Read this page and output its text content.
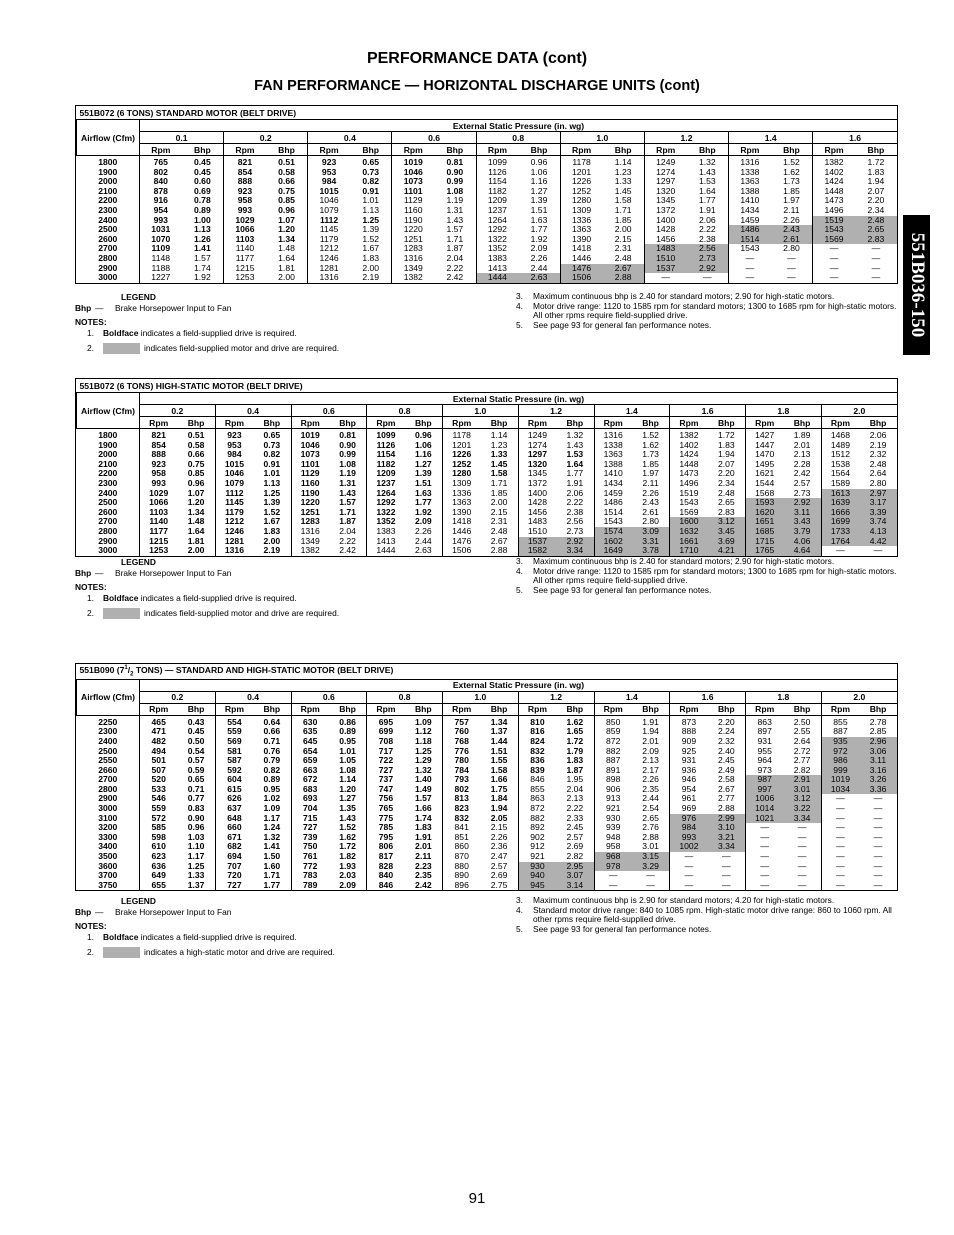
PERFORMANCE DATA (cont)
FAN PERFORMANCE — HORIZONTAL DISCHARGE UNITS (cont)
551B036-150
551B072 (6 TONS) STANDARD MOTOR (BELT DRIVE)																		
Airflow (Cfm)	External Static Pressure (in. wg)																	
	0.1		0.2		0.4		0.6		0.8		1.0		1.2		1.4		1.6	
	Rpm	Bhp	Rpm	Bhp	Rpm	Bhp	Rpm	Bhp	Rpm	Bhp	Rpm	Bhp	Rpm	Bhp	Rpm	Bhp	Rpm	Bhp
1800	765	0.45	821	0.51	923	0.65	1019	0.81	1099	0.96	1178	1.14	1249	1.32	1316	1.52	1382	1.72
1900	802	0.45	854	0.58	953	0.73	1046	0.90	1126	1.06	1201	1.23	1274	1.43	1338	1.62	1402	1.83
2000	840	0.60	888	0.66	984	0.82	1073	0.99	1154	1.16	1226	1.33	1297	1.53	1363	1.73	1424	1.94
2100	878	0.69	923	0.75	1015	0.91	1101	1.08	1182	1.27	1252	1.45	1320	1.64	1388	1.85	1448	2.07
2200	916	0.78	958	0.85	1046	1.01	1129	1.19	1209	1.39	1280	1.58	1345	1.77	1410	1.97	1473	2.20
2300	954	0.89	993	0.96	1079	1.13	1160	1.31	1237	1.51	1309	1.71	1372	1.91	1434	2.11	1496	2.34
2400	993	1.00	1029	1.07	1112	1.25	1190	1.43	1264	1.63	1336	1.85	1400	2.06	1459	2.26	1519	2.48
2500	1031	1.13	1066	1.20	1145	1.39	1220	1.57	1292	1.77	1363	2.00	1428	2.22	1486	2.43	1543	2.65
2600	1070	1.26	1103	1.34	1179	1.52	1251	1.71	1322	1.92	1390	2.15	1456	2.38	1514	2.61	1569	2.83
2700	1109	1.41	1140	1.48	1212	1.67	1283	1.87	1352	2.09	1418	2.31	1483	2.56	1543	2.80	—	—
2800	1148	1.57	1177	1.64	1246	1.83	1316	2.04	1383	2.26	1446	2.48	1510	2.73	—	—	—	—
2900	1188	1.74	1215	1.81	1281	2.00	1349	2.22	1413	2.44	1476	2.67	1537	2.92	—	—	—	—
3000	1227	1.92	1253	2.00	1316	2.19	1382	2.42	1444	2.63	1506	2.88	—	—	—	—	—	—
LEGEND
Bhp — Brake Horsepower Input to Fan
NOTES:
1. Boldface indicates a field-supplied drive is required.
2.	indicates field-supplied motor and drive are required.
3.	Maximum continuous bhp is 2.40 for standard motors; 2.90 for high-static motors.
4.	Motor drive range: 1120 to 1585 rpm for standard motors; 1300 to 1685 rpm for high-static motors. All other rpms require field-supplied drive.
5.	See page 93 for general fan performance notes.
551B072 (6 TONS) HIGH-STATIC MOTOR (BELT DRIVE)																				
Airflow (Cfm)	External Static Pressure (in. wg)																			
	0.2		0.4		0.6		0.8		1.0		1.2		1.4		1.6		1.8		2.0	
	Rpm	Bhp	Rpm	Bhp	Rpm	Bhp	Rpm	Bhp	Rpm	Bhp	Rpm	Bhp	Rpm	Bhp	Rpm	Bhp	Rpm	Bhp	Rpm	Bhp
1800	821	0.51	923	0.65	1019	0.81	1099	0.96	1178	1.14	1249	1.32	1316	1.52	1382	1.72	1427	1.89	1468	2.06
1900	854	0.58	953	0.73	1046	0.90	1126	1.06	1201	1.23	1274	1.43	1338	1.62	1402	1.83	1447	2.01	1489	2.19
2000	888	0.66	984	0.82	1073	0.99	1154	1.16	1226	1.33	1297	1.53	1363	1.73	1424	1.94	1470	2.13	1512	2.32
2100	923	0.75	1015	0.91	1101	1.08	1182	1.27	1252	1.45	1320	1.64	1388	1.85	1448	2.07	1495	2.28	1538	2.48
2200	958	0.85	1046	1.01	1129	1.19	1209	1.39	1280	1.58	1345	1.77	1410	1.97	1473	2.20	1621	2.42	1564	2.64
2300	993	0.96	1079	1.13	1160	1.31	1237	1.51	1309	1.71	1372	1.91	1434	2.11	1496	2.34	1544	2.57	1589	2.80
2400	1029	1.07	1112	1.25	1190	1.43	1264	1.63	1336	1.85	1400	2.06	1459	2.26	1519	2.48	1568	2.73	1613	2.97
2500	1066	1.20	1145	1.39	1220	1.57	1292	1.77	1363	2.00	1428	2.22	1486	2.43	1543	2.65	1593	2.92	1639	3.17
2600	1103	1.34	1179	1.52	1251	1.71	1322	1.92	1390	2.15	1456	2.38	1514	2.61	1569	2.83	1620	3.11	1666	3.39
2700	1140	1.48	1212	1.67	1283	1.87	1352	2.09	1418	2.31	1483	2.56	1543	2.80	1600	3.12	1651	3.43	1699	3.74
2800	1177	1.64	1246	1.83	1316	2.04	1383	2.26	1446	2.48	1510	2.73	1574	3.09	1632	3.45	1685	3.79	1733	4.13
2900	1215	1.81	1281	2.00	1349	2.22	1413	2.44	1476	2.67	1537	2.92	1602	3.31	1661	3.69	1715	4.06	1764	4.42
3000	1253	2.00	1316	2.19	1382	2.42	1444	2.63	1506	2.88	1582	3.34	1649	3.78	1710	4.21	1765	4.64	—	—
LEGEND
Bhp — Brake Horsepower Input to Fan
NOTES:
1. Boldface indicates a field-supplied drive is required.
2.	indicates field-supplied motor and drive are required.
3.	Maximum continuous bhp is 2.40 for standard motors; 2.90 for high-static motors.
4.	Motor drive range: 1120 to 1585 rpm for standard motors; 1300 to 1685 rpm for high-static motors. All other rpms require field-supplied drive.
5.	See page 93 for general fan performance notes.
551B090 ($7^1/_2$ TONS) — STANDARD AND HIGH-STATIC MOTOR (BELT DRIVE)																				
Airflow (Cfm)	External Static Pressure (in. wg)																			
	0.2		0.4		0.6		0.8		1.0		1.2		1.4		1.6		1.8		2.0	
	Rpm	Bhp	Rpm	Bhp	Rpm	Bhp	Rpm	Bhp	Rpm	Bhp	Rpm	Bhp	Rpm	Bhp	Rpm	Bhp	Rpm	Bhp	Rpm	Bhp
2250	465	0.43	554	0.64	630	0.86	695	1.09	757	1.34	810	1.62	850	1.91	873	2.20	863	2.50	855	2.78
2300	471	0.45	559	0.66	635	0.89	699	1.12	760	1.37	816	1.65	859	1.94	888	2.24	897	2.55	887	2.85
2400	482	0.50	569	0.71	645	0.95	708	1.18	768	1.44	824	1.72	872	2.01	909	2.32	931	2.64	935	2.96
2500	494	0.54	581	0.76	654	1.01	717	1.25	776	1.51	832	1.79	882	2.09	925	2.40	955	2.72	972	3.06
2550	501	0.57	587	0.79	659	1.05	722	1.29	780	1.55	836	1.83	887	2.13	931	2.45	964	2.77	986	3.11
2660	507	0.59	592	0.82	663	1.08	727	1.32	784	1.58	839	1.87	891	2.17	936	2.49	973	2.82	999	3.16
2700	520	0.65	604	0.89	672	1.14	737	1.40	793	1.66	846	1.95	898	2.26	946	2.58	987	2.91	1019	3.26
2800	533	0.71	615	0.95	683	1.20	747	1.49	802	1.75	855	2.04	906	2.35	954	2.67	997	3.01	1034	3.36
2900	546	0.77	626	1.02	693	1.27	756	1.57	813	1.84	863	2.13	913	2.44	961	2.77	1006	3.12	—	—
3000	559	0.83	637	1.09	704	1.35	765	1.66	823	1.94	872	2.22	921	2.54	969	2.88	1014	3.22	—	—
3100	572	0.90	648	1.17	715	1.43	775	1.74	832	2.05	882	2.33	930	2.65	976	2.99	1021	3.34	—	—
3200	585	0.96	660	1.24	727	1.52	785	1.83	841	2.15	892	2.45	939	2.76	984	3.10	—	—	—	—
3300	598	1.03	671	1.32	739	1.62	795	1.91	851	2.26	902	2.57	948	2.88	993	3.21	—	—	—	—
3400	610	1.10	682	1.41	750	1.72	806	2.01	860	2.36	912	2.69	958	3.01	1002	3.34	—	—	—	—
3500	623	1.17	694	1.50	761	1.82	817	2.11	870	2.47	921	2.82	968	3.15	—	—	—	—	—	—
3600	636	1.25	707	1.60	772	1.93	828	2.23	880	2.57	930	2.95	978	3.29	—	—	—	—	—	—
3700	649	1.33	720	1.71	783	2.03	840	2.35	890	2.69	940	3.07	—	—	—	—	—	—	—	—
3750	655	1.37	727	1.77	789	2.09	846	2.42	896	2.75	945	3.14	—	—	—	—	—	—	—	—
LEGEND
Bhp — Brake Horsepower Input to Fan
NOTES:
1. Boldface indicates a field-supplied drive is required.
2.	indicates a high-static motor and drive are required.
3.	Maximum continuous bhp is 2.90 for standard motors; 4.20 for high-static motors.
4.	Standard motor drive range: 840 to 1085 rpm. High-static motor drive range: 860 to 1060 rpm. All other rpms require field-supplied drive.
5.	See page 93 for general fan performance notes.
91
